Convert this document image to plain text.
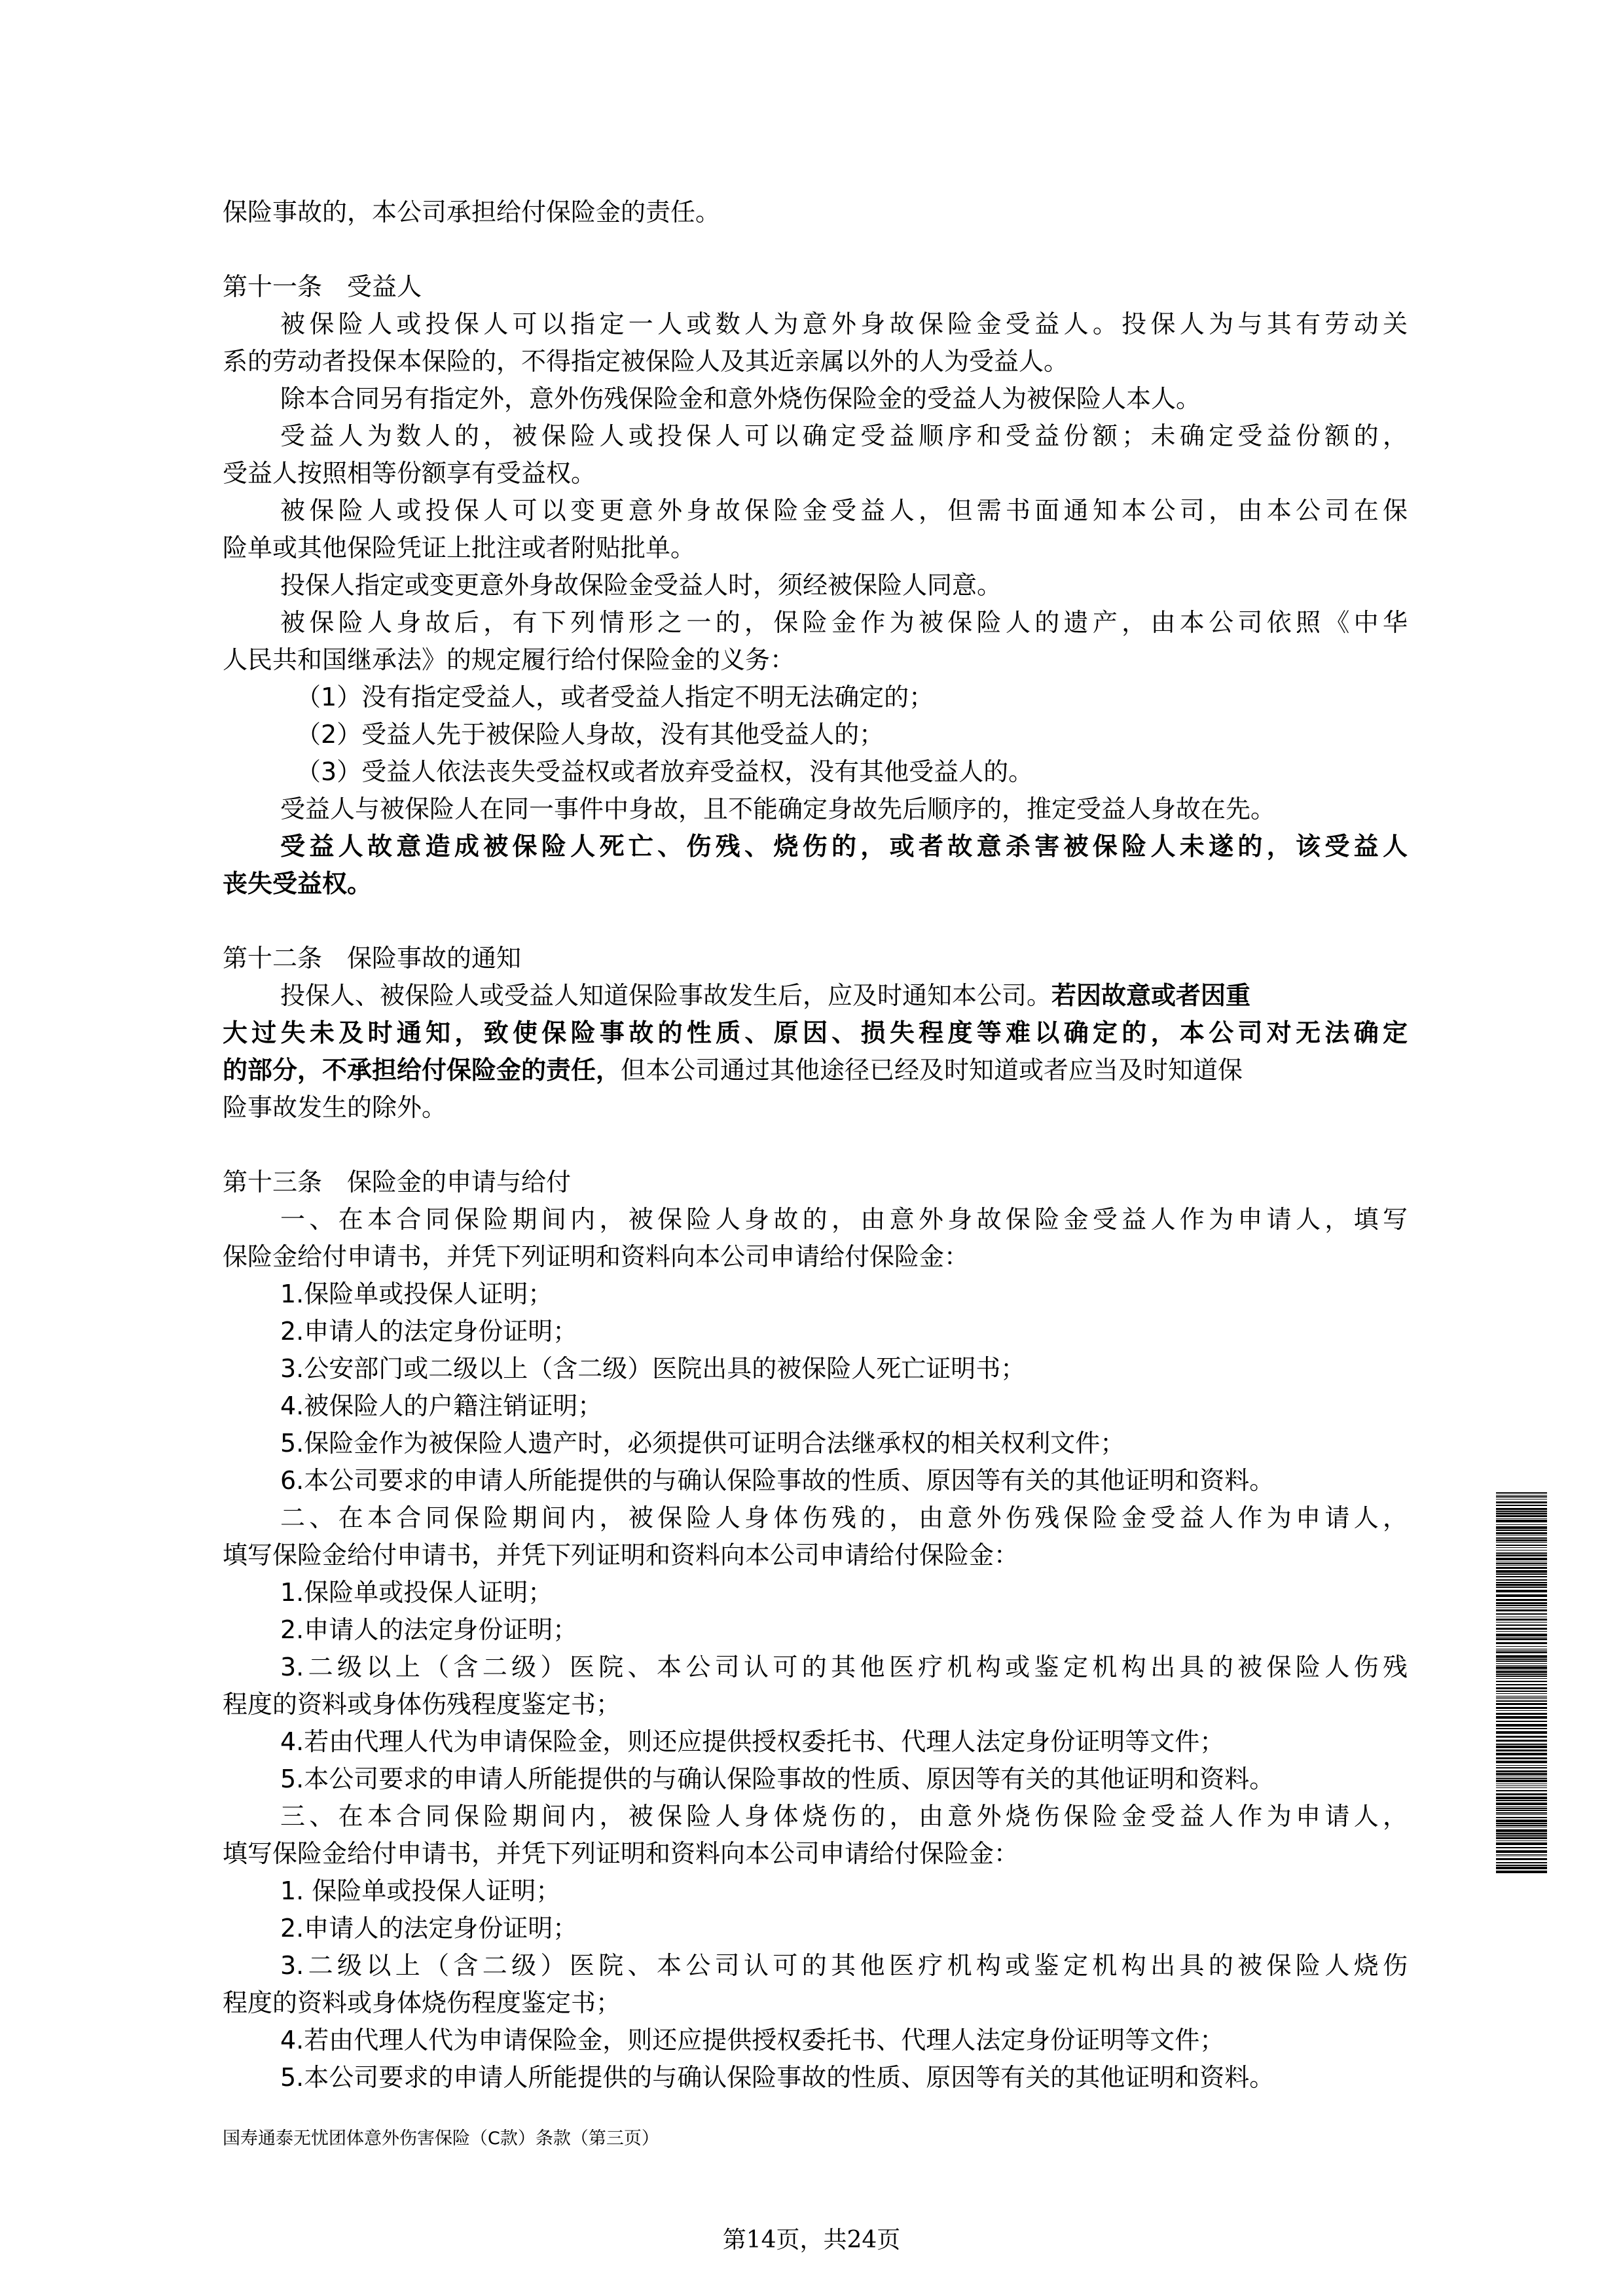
保险事故的，本公司承担给付保险金的责任。
第十一条　受益人
被保险人或投保人可以指定一人或数人为意外身故保险金受益人。投保人为与其有劳动关
系的劳动者投保本保险的，不得指定被保险人及其近亲属以外的人为受益人。
除本合同另有指定外，意外伤残保险金和意外烧伤保险金的受益人为被保险人本人。
受益人为数人的，被保险人或投保人可以确定受益顺序和受益份额；未确定受益份额的，
受益人按照相等份额享有受益权。
被保险人或投保人可以变更意外身故保险金受益人，但需书面通知本公司，由本公司在保
险单或其他保险凭证上批注或者附贴批单。
投保人指定或变更意外身故保险金受益人时，须经被保险人同意。
被保险人身故后，有下列情形之一的，保险金作为被保险人的遗产，由本公司依照《中华
人民共和国继承法》的规定履行给付保险金的义务：
（1）没有指定受益人，或者受益人指定不明无法确定的；
（2）受益人先于被保险人身故，没有其他受益人的；
（3）受益人依法丧失受益权或者放弃受益权，没有其他受益人的。
受益人与被保险人在同一事件中身故，且不能确定身故先后顺序的，推定受益人身故在先。
受益人故意造成被保险人死亡、伤残、烧伤的，或者故意杀害被保险人未遂的，该受益人
丧失受益权。
第十二条　保险事故的通知
投保人、被保险人或受益人知道保险事故发生后，应及时通知本公司。若因故意或者因重
大过失未及时通知，致使保险事故的性质、原因、损失程度等难以确定的，本公司对无法确定
的部分，不承担给付保险金的责任，但本公司通过其他途径已经及时知道或者应当及时知道保
险事故发生的除外。
第十三条　保险金的申请与给付
一、在本合同保险期间内，被保险人身故的，由意外身故保险金受益人作为申请人，填写
保险金给付申请书，并凭下列证明和资料向本公司申请给付保险金：
1.保险单或投保人证明；
2.申请人的法定身份证明；
3.公安部门或二级以上（含二级）医院出具的被保险人死亡证明书；
4.被保险人的户籍注销证明；
5.保险金作为被保险人遗产时，必须提供可证明合法继承权的相关权利文件；
6.本公司要求的申请人所能提供的与确认保险事故的性质、原因等有关的其他证明和资料。
二、在本合同保险期间内，被保险人身体伤残的，由意外伤残保险金受益人作为申请人，
填写保险金给付申请书，并凭下列证明和资料向本公司申请给付保险金：
1.保险单或投保人证明；
2.申请人的法定身份证明；
3.二级以上（含二级）医院、本公司认可的其他医疗机构或鉴定机构出具的被保险人伤残
程度的资料或身体伤残程度鉴定书；
4.若由代理人代为申请保险金，则还应提供授权委托书、代理人法定身份证明等文件；
5.本公司要求的申请人所能提供的与确认保险事故的性质、原因等有关的其他证明和资料。
三、在本合同保险期间内，被保险人身体烧伤的，由意外烧伤保险金受益人作为申请人，
填写保险金给付申请书，并凭下列证明和资料向本公司申请给付保险金：
1. 保险单或投保人证明；
2.申请人的法定身份证明；
3.二级以上（含二级）医院、本公司认可的其他医疗机构或鉴定机构出具的被保险人烧伤
程度的资料或身体烧伤程度鉴定书；
4.若由代理人代为申请保险金，则还应提供授权委托书、代理人法定身份证明等文件；
5.本公司要求的申请人所能提供的与确认保险事故的性质、原因等有关的其他证明和资料。
国寿通泰无忧团体意外伤害保险（C款）条款（第三页）
第14页，共24页
